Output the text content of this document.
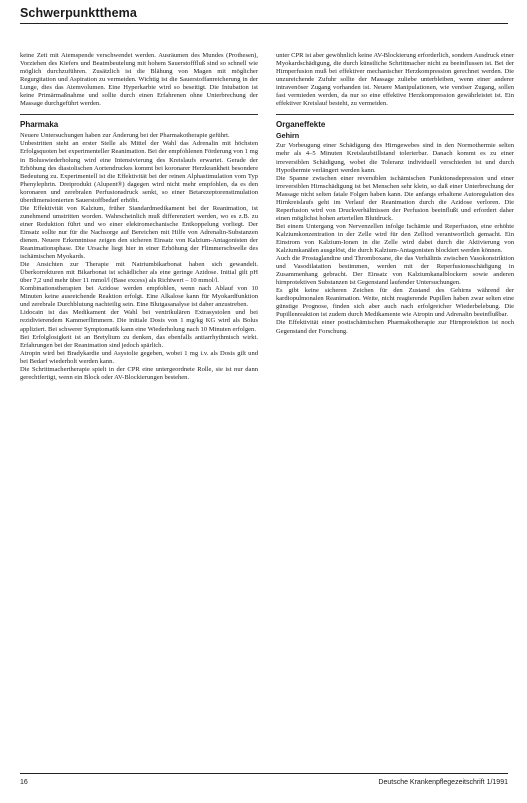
Schwerpunktthema

keine Zeit mit Atemspende verschwendet werden. Ausräumen des Mundes (Prothesen), Vorziehen des Kiefers und Beatmbeutelung mit hohem Sauerstofffluß sind so schnell wie möglich durchzuführen. Zusätzlich ist die Blähung von Magen mit möglicher Regurgitation und Aspiration zu vermeiden. Wichtig ist die Sauerstoffanreicherung in der Lunge, dies das Atemvolumen. Eine Hyperkarbie wird so beseitigt. Die Intubation ist keine Primärmaßnahme und sollte durch einen Erfahrenen ohne Unterbrechung der Massage durchgeführt werden.

Pharmaka

Neuere Untersuchungen haben zur Änderung bei der Pharmakotherapie geführt.

Unbestritten steht an erster Stelle als Mittel der Wahl das Adrenalin mit höchsten Erfolgsquoten bei experimenteller Reanimation. Bei der empfohlenen Förderung von 1 mg in Boluswiederholung wird eine Intensivierung des Kreislaufs erwartet. Gerade der Erhöhung des diastolischen Aortendruckes kommt bei koronarer Herzkrankheit besondere Bedeutung zu. Experimentell ist die Effektivität bei der reinen Alphastimulation vom Typ Phenylephrin. Dreiprodukt (Alupent®) dagegen wird nicht mehr empfohlen, da es den koronaren und zerebralen Perfusionsdruck senkt, so einer Betarezeptorenstimulation überdimensionierten Sauerstoffbedarf erhöht.

Die Effektivität von Kalzium, früher Standardmedikament bei der Reanimation, ist zunehmend umstritten worden. Wahrscheinlich muß differenziert werden, wo es z.B. zu einer Reduktion führt und wo einer elektromechanische Entkoppelung vorliegt. Der Einsatz sollte nur für die Nachsorge auf Bereichen mit Hilfe von Adrenalin-Substanzen dienen. Neuere Erkenntnisse zeigen den sicheren Einsatz von Kalzium-Antagonisten der Reanimationsphase. Die Ursache liegt hier in einer Erhöhung der Flimmerschwelle des ischämischen Myokards.

Die Ansichten zur Therapie mit Natriumbikarbonat haben sich gewandelt. Überkorrekturen mit Bikarbonat ist schädlicher als eine geringe Azidose. Initial gilt pH über 7,2 und mehr über 11 mmol/l (Base excess) als Richtwert – 10 mmol/l.

Kombinationstherapien bei Azidose werden empfohlen, wenn nach Ablauf von 10 Minuten keine ausreichende Reaktion erfolgt. Eine Alkalose kann für Myokardfunktion und zerebrale Durchblutung nachteilig sein. Eine Blutgasanalyse ist daher anzustreben.

Lidocain ist das Medikament der Wahl bei ventrikulären Extrasystolen und bei rezidivierendem Kammerflimmern. Die initiale Dosis von 1 mg/kg KG wird als Bolus appliziert. Bei schwerer Symptomatik kann eine Wiederholung nach 10 Minuten erfolgen.

Bei Erfolglosigkeit ist an Bretylium zu denken, das ebenfalls antiarrhythmisch wirkt. Erfahrungen bei der Reanimation sind jedoch spärlich.

Atropin wird bei Bradykardie und Asystolie gegeben, wobei 1 mg i.v. als Dosis gilt und bei Bedarf wiederholt werden kann.

Die Schrittmachertherapie spielt in der CPR eine untergeordnete Rolle, sie ist nur dann gerechtfertigt, wenn ein Block oder AV-Blockierungen bestehen.

unter CPR ist aber gewöhnlich keine AV-Blockierung erforderlich, sondern Ausdruck einer Myokardschädigung, die durch künstliche Schrittmacher nicht zu beeinflussen ist. Bei der Hirnperfusion muß bei effektiver mechanischer Herzkompression gerechnet werden. Die unzureichende Zufuhr sollte der Massage zuliebe unterbleiben, wenn einer anderer intravenöser Zugang vorhanden ist. Neuere Manipulationen, wie venöser Zugang, sollen fast vermieden werden, da nur so eine effektive Herzkompression gewährleistet ist. Ein effektiver Kreislauf besteht, zu vermeiden.

Organeffekte
Gehirn

Zur Vorbeugung einer Schädigung des Hirngewebes sind in den Normothermie selten mehr als 4–5 Minuten Kreislaufstillstand tolerierbar. Danach kommt es zu einer irreversiblen Schädigung, wobei die Toleranz individuell verschieden ist und durch Hypothermie verlängert werden kann.

Die Spanne zwischen einer reversiblen ischämischen Funktionsdepression und einer irreversiblen Hirnschädigung ist bei Menschen sehr klein, so daß einer Unterbrechung der Massage nicht selten fatale Folgen haben kann. Die anfangs erhaltene Autoregulation des Hirnkreislaufs geht im Verlauf der Reanimation durch die Azidose verloren. Die Reperfusion wird von Druckverhältnissen der Perfusion beeinflußt und erfordert daher einen möglichst hohen arteriellen Blutdruck.

Bei einem Untergang von Nervenzellen infolge Ischämie und Reperfusion, eine erhöhte Kalziumkonzentration in der Zelle wird für den Zelltod verantwortlich gemacht. Ein Einstrom von Kalzium-Ionen in die Zelle wird dabei durch die Aktivierung von Kalziumkanälen ausgelöst, die durch Kalzium-Antagonisten blockiert werden können.

Auch die Prostaglandine und Thromboxane, die das Verhältnis zwischen Vasokonstriktion und Vasodilatation bestimmen, werden mit der Reperfusionsschädigung in Zusammenhang gebracht. Der Einsatz von Kalziumkanalblockern sowie anderen hirnprotektiven Substanzen ist Gegenstand laufender Untersuchungen.

Es gibt keine sicheren Zeichen für den Zustand des Gehirns während der kardiopulmonalen Reanimation. Weite, nicht reagierende Pupillen haben zwar selten eine günstige Prognose, finden sich aber auch nach erfolgreicher Wiederbelebung. Die Pupillenreaktion ist zudem durch Medikamente wie Atropin und Adrenalin beeinflußbar.

Die Effektivität einer postischämischen Pharmakotherapie zur Hirnprotektion ist noch Gegenstand der Forschung.

16	Deutsche Krankenpflegezeitschrift 1/1991
